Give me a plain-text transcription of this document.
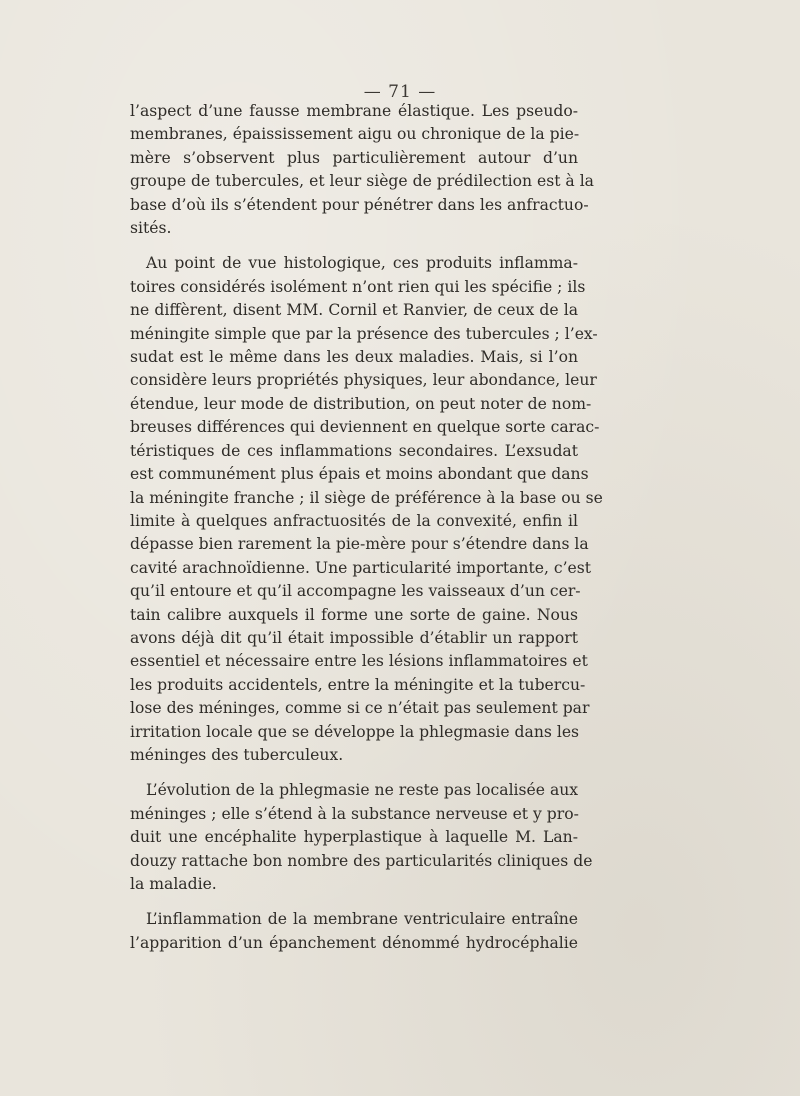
— 71 —
l’aspect d’une fausse membrane élastique. Les pseudo-
membranes, épaississement aigu ou chronique de la pie-
mère s’observent plus particulièrement autour d’un
groupe de tubercules, et leur siège de prédilection est à la
base d’où ils s’étendent pour pénétrer dans les anfractuo-
sités.
Au point de vue histologique, ces produits inflamma-
toires considérés isolément n’ont rien qui les spécifie ; ils
ne diffèrent, disent MM. Cornil et Ranvier, de ceux de la
méningite simple que par la présence des tubercules ; l’ex-
sudat est le même dans les deux maladies. Mais, si l’on
considère leurs propriétés physiques, leur abondance, leur
étendue, leur mode de distribution, on peut noter de nom-
breuses différences qui deviennent en quelque sorte carac-
téristiques de ces inflammations secondaires. L’exsudat
est communément plus épais et moins abondant que dans
la méningite franche ; il siège de préférence à la base ou se
limite à quelques anfractuosités de la convexité, enfin il
dépasse bien rarement la pie-mère pour s’étendre dans la
cavité arachnoïdienne. Une particularité importante, c’est
qu’il entoure et qu’il accompagne les vaisseaux d’un cer-
tain calibre auxquels il forme une sorte de gaine. Nous
avons déjà dit qu’il était impossible d’établir un rapport
essentiel et nécessaire entre les lésions inflammatoires et
les produits accidentels, entre la méningite et la tubercu-
lose des méninges, comme si ce n’était pas seulement par
irritation locale que se développe la phlegmasie dans les
méninges des tuberculeux.
L’évolution de la phlegmasie ne reste pas localisée aux
méninges ; elle s’étend à la substance nerveuse et y pro-
duit une encéphalite hyperplastique à laquelle M. Lan-
douzy rattache bon nombre des particularités cliniques de
la maladie.
L’inflammation de la membrane ventriculaire entraîne
l’apparition d’un épanchement dénommé hydrocéphalie
